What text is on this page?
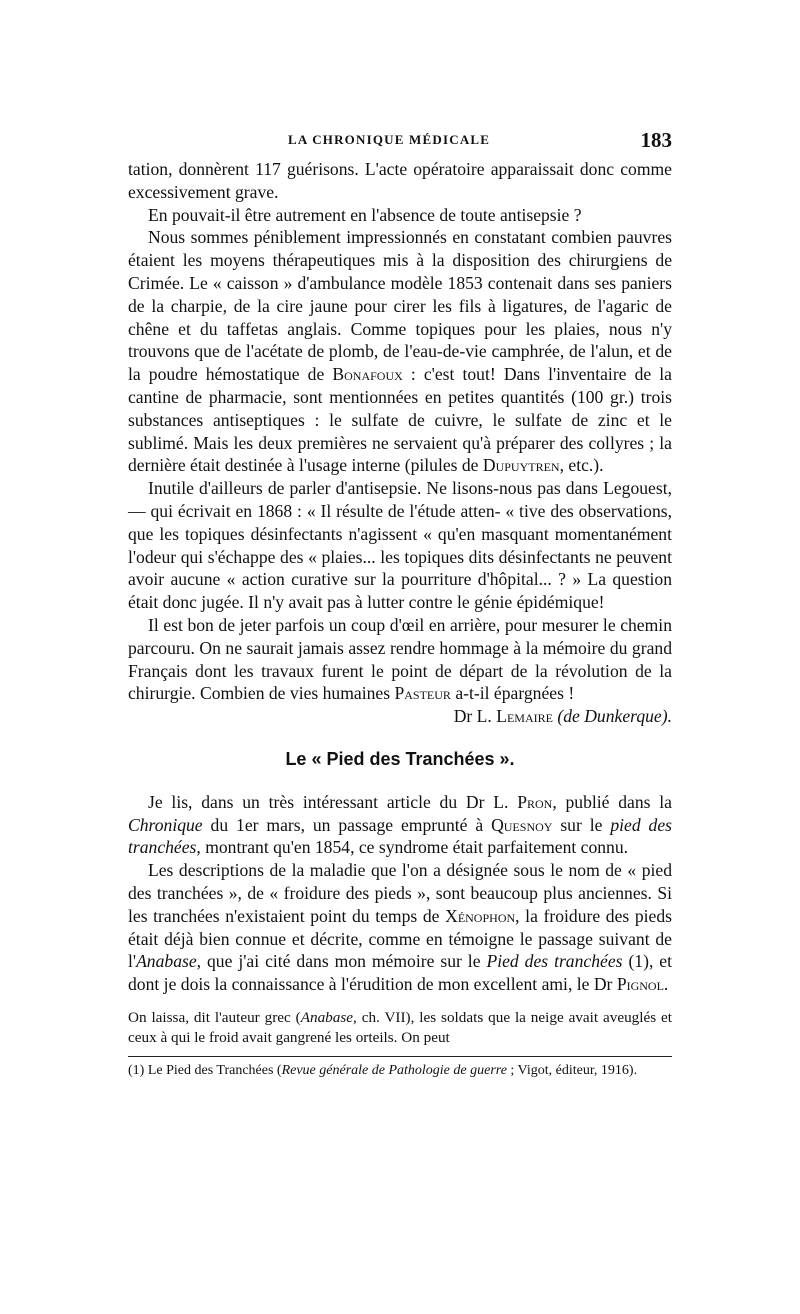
LA CHRONIQUE MÉDICALE	183

tation, donnèrent 117 guérisons. L'acte opératoire apparaissait donc comme excessivement grave.

En pouvait-il être autrement en l'absence de toute antisepsie ?

Nous sommes péniblement impressionnés en constatant combien pauvres étaient les moyens thérapeutiques mis à la disposition des chirurgiens de Crimée. Le « caisson » d'ambulance modèle 1853 contenait dans ses paniers de la charpie, de la cire jaune pour cirer les fils à ligatures, de l'agaric de chêne et du taffetas anglais. Comme topiques pour les plaies, nous n'y trouvons que de l'acétate de plomb, de l'eau-de-vie camphrée, de l'alun, et de la poudre hémostatique de Bonafoux : c'est tout! Dans l'inventaire de la cantine de pharmacie, sont mentionnées en petites quantités (100 gr.) trois substances antiseptiques : le sulfate de cuivre, le sulfate de zinc et le sublimé. Mais les deux premières ne servaient qu'à préparer des collyres ; la dernière était destinée à l'usage interne (pilules de Dupuytren, etc.).

Inutile d'ailleurs de parler d'antisepsie. Ne lisons-nous pas dans Legouest, — qui écrivait en 1868 : « Il résulte de l'étude atten- « tive des observations, que les topiques désinfectants n'agissent « qu'en masquant momentanément l'odeur qui s'échappe des « plaies... les topiques dits désinfectants ne peuvent avoir aucune « action curative sur la pourriture d'hôpital... ? » La question était donc jugée. Il n'y avait pas à lutter contre le génie épidémique!

Il est bon de jeter parfois un coup d'œil en arrière, pour mesurer le chemin parcouru. On ne saurait jamais assez rendre hommage à la mémoire du grand Français dont les travaux furent le point de départ de la révolution de la chirurgie. Combien de vies humaines Pasteur a-t-il épargnées !

Dr L. Lemaire (de Dunkerque).

Le « Pied des Tranchées ».

Je lis, dans un très intéressant article du Dr L. Pron, publié dans la Chronique du 1er mars, un passage emprunté à Quesnoy sur le pied des tranchées, montrant qu'en 1854, ce syndrome était parfaitement connu.

Les descriptions de la maladie que l'on a désignée sous le nom de « pied des tranchées », de « froidure des pieds », sont beaucoup plus anciennes. Si les tranchées n'existaient point du temps de Xénophon, la froidure des pieds était déjà bien connue et décrite, comme en témoigne le passage suivant de l'Anabase, que j'ai cité dans mon mémoire sur le Pied des tranchées (1), et dont je dois la connaissance à l'érudition de mon excellent ami, le Dr Pignol.

On laissa, dit l'auteur grec (Anabase, ch. VII), les soldats que la neige avait aveuglés et ceux à qui le froid avait gangrené les orteils. On peut

(1) Le Pied des Tranchées (Revue générale de Pathologie de guerre ; Vigot, éditeur, 1916).
